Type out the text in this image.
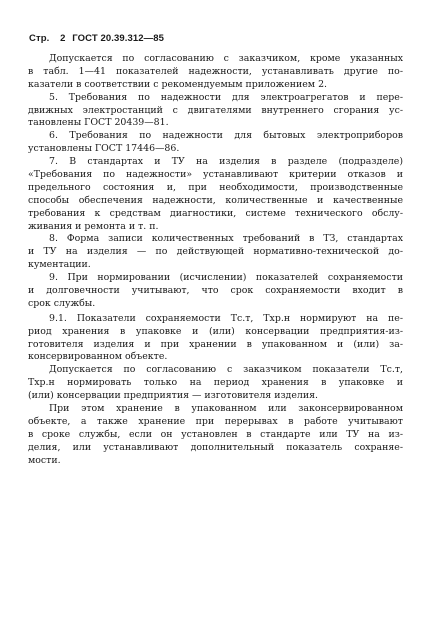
Стр. 2 ГОСТ 20.39.312—85
Допускается по согласованию с заказчиком, кроме указанных
в табл. 1—41 показателей надежности, устанавливать другие по-
казатели в соответствии с рекомендуемым приложением 2.
5. Требования по надежности для электроагрегатов и пере-
движных электростанций с двигателями внутреннего сгорания ус-
тановлены ГОСТ 20439—81.
6. Требования по надежности для бытовых электроприборов
установлены ГОСТ 17446—86.
7. В стандартах и ТУ на изделия в разделе (подразделе)
«Требования по надежности» устанавливают критерии отказов и
предельного состояния и, при необходимости, производственные
способы обеспечения надежности, количественные и качественные
требования к средствам диагностики, системе технического обслу-
живания и ремонта и т. п.
8. Форма записи количественных требований в ТЗ, стандартах
и ТУ на изделия — по действующей нормативно-технической до-
кументации.
9. При нормировании (исчислении) показателей сохраняемости
и долговечности учитывают, что срок сохраняемости входит в
срок службы.
9.1. Показатели сохраняемости Tс.т, Tхр.н нормируют на пе-
риод хранения в упаковке и (или) консервации предприятия-из-
готовителя изделия и при хранении в упакованном и (или) за-
консервированном объекте.
Допускается по согласованию с заказчиком показатели Tс.т,
Tхр.н нормировать только на период хранения в упаковке и
(или) консервации предприятия — изготовителя изделия.
При этом хранение в упакованном или законсервированном
объекте, а также хранение при перерывах в работе учитывают
в сроке службы, если он установлен в стандарте или ТУ на из-
делия, или устанавливают дополнительный показатель сохраняе-
мости.
